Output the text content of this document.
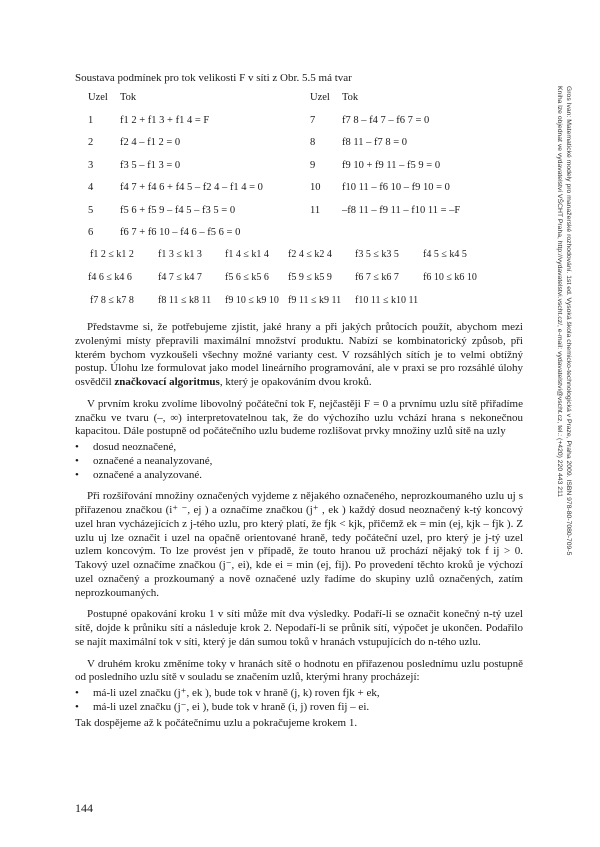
Soustava podmínek pro tok velikosti F v síti z Obr. 5.5 má tvar
Uzel Tok	Uzel Tok
1	f1 2 + f1 3 + f1 4 = F	7	f7 8 – f4 7 – f6 7 = 0
2	f2 4 – f1 2 = 0	8	f8 11 – f7 8 = 0
3	f3 5 – f1 3 = 0	9	f9 10 + f9 11 – f5 9 = 0
4	f4 7 + f4 6 + f4 5 – f2 4 – f1 4 = 0	10 f10 11 – f6 10 – f9 10 = 0
5	f5 6 + f5 9 – f4 5 – f3 5 = 0	11 –f8 11 – f9 11 – f10 11 = –F
6	f6 7 + f6 10 – f4 6 – f5 6 = 0
f1 2 ≤ k1 2 f1 3 ≤ k1 3 f1 4 ≤ k1 4 f2 4 ≤ k2 4 f3 5 ≤ k3 5 f4 5 ≤ k4 5
f4 6 ≤ k4 6	f4 7 ≤ k4 7 f5 6 ≤ k5 6 f5 9 ≤ k5 9 f6 7 ≤ k6 7 f6 10 ≤ k6 10
f7 8 ≤ k7 8 f8 11 ≤ k8 11 f9 10 ≤ k9 10 f9 11 ≤ k9 11 f10 11 ≤ k10 11

Představme si, že potřebujeme zjistit, jaké hrany a při jakých průtocích použít, abychom mezi zvolenými místy přepravili maximální množství produktu. Nabízí se kombinatorický způsob, při kterém bychom vyzkoušeli všechny možné varianty cest. V rozsáhlých sítích je to velmi obtížný postup. Úlohu lze formulovat jako model lineárního programování, ale v praxi se pro rozsáhlé úlohy osvědčil značkovací algoritmus, který je opakováním dvou kroků.

V prvním kroku zvolíme libovolný počáteční tok F, nejčastěji F = 0 a prvnímu uzlu sítě přiřadíme značku ve tvaru (–, ∞) interpretovatelnou tak, že do výchozího uzlu vchází hrana s nekonečnou kapacitou. Dále postupně od počátečního uzlu budeme rozlišovat prvky množiny uzlů sítě na uzly

• dosud neoznačené,
• označené a neanalyzované,
• označené a analyzované.

Při rozšiřování množiny označených vyjdeme z nějakého označeného, neprozkoumaného uzlu uj s přiřazenou značkou (i⁺ ⁻, ej ) a označíme značkou (j⁺ , ek ) každý dosud neoznačený k-tý koncový uzel hran vycházejících z j-tého uzlu, pro který platí, že fjk < kjk, přičemž ek = min (ej, kjk – fjk ). Z uzlu uj lze označit i uzel na opačně orientované hraně, tedy počáteční uzel, pro který je j-tý uzel uzlem koncovým. To lze provést jen v případě, že touto hranou už prochází nějaký tok f ij > 0. Takový uzel označíme značkou (j⁻, ei), kde ei = min (ej, fij). Po provedení těchto kroků je výchozí uzel označený a prozkoumaný a nově označené uzly řadíme do skupiny uzlů označených, zatím neprozkoumaných.

Postupné opakování kroku 1 v síti může mít dva výsledky. Podaří-li se označit konečný n-tý uzel sítě, dojde k průniku sítí a následuje krok 2. Nepodaří-li se průnik sítí, výpočet je ukončen. Podařilo se najít maximální tok v síti, který je dán sumou toků v hranách vstupujících do n-tého uzlu.

V druhém kroku změníme toky v hranách sítě o hodnotu en přiřazenou poslednímu uzlu postupně od posledního uzlu sítě v souladu se značením uzlů, kterými hrany procházejí:

• má-li uzel značku (j⁺, ek ), bude tok v hraně (j, k) roven fjk + ek,
• má-li uzel značku (j⁻, ei ), bude tok v hraně (i, j) roven fij – ei.
Tak dospějeme až k počátečnímu uzlu a pokračujeme krokem 1.
144
Gros Ivan: Matematické modely pro manažerské rozhodování. 1st ed. Vysoká škola chemicko-technologická v Praze, Praha 2009. ISBN 978-80-7080-709-5
Kniha lze objednat ve vydavatelství VŠCHT Praha, http://vydavatelstvi.vscht.cz/, e-mail: vydavatelstvi@vscht.cz, tel.: (+420) 220 443 211
